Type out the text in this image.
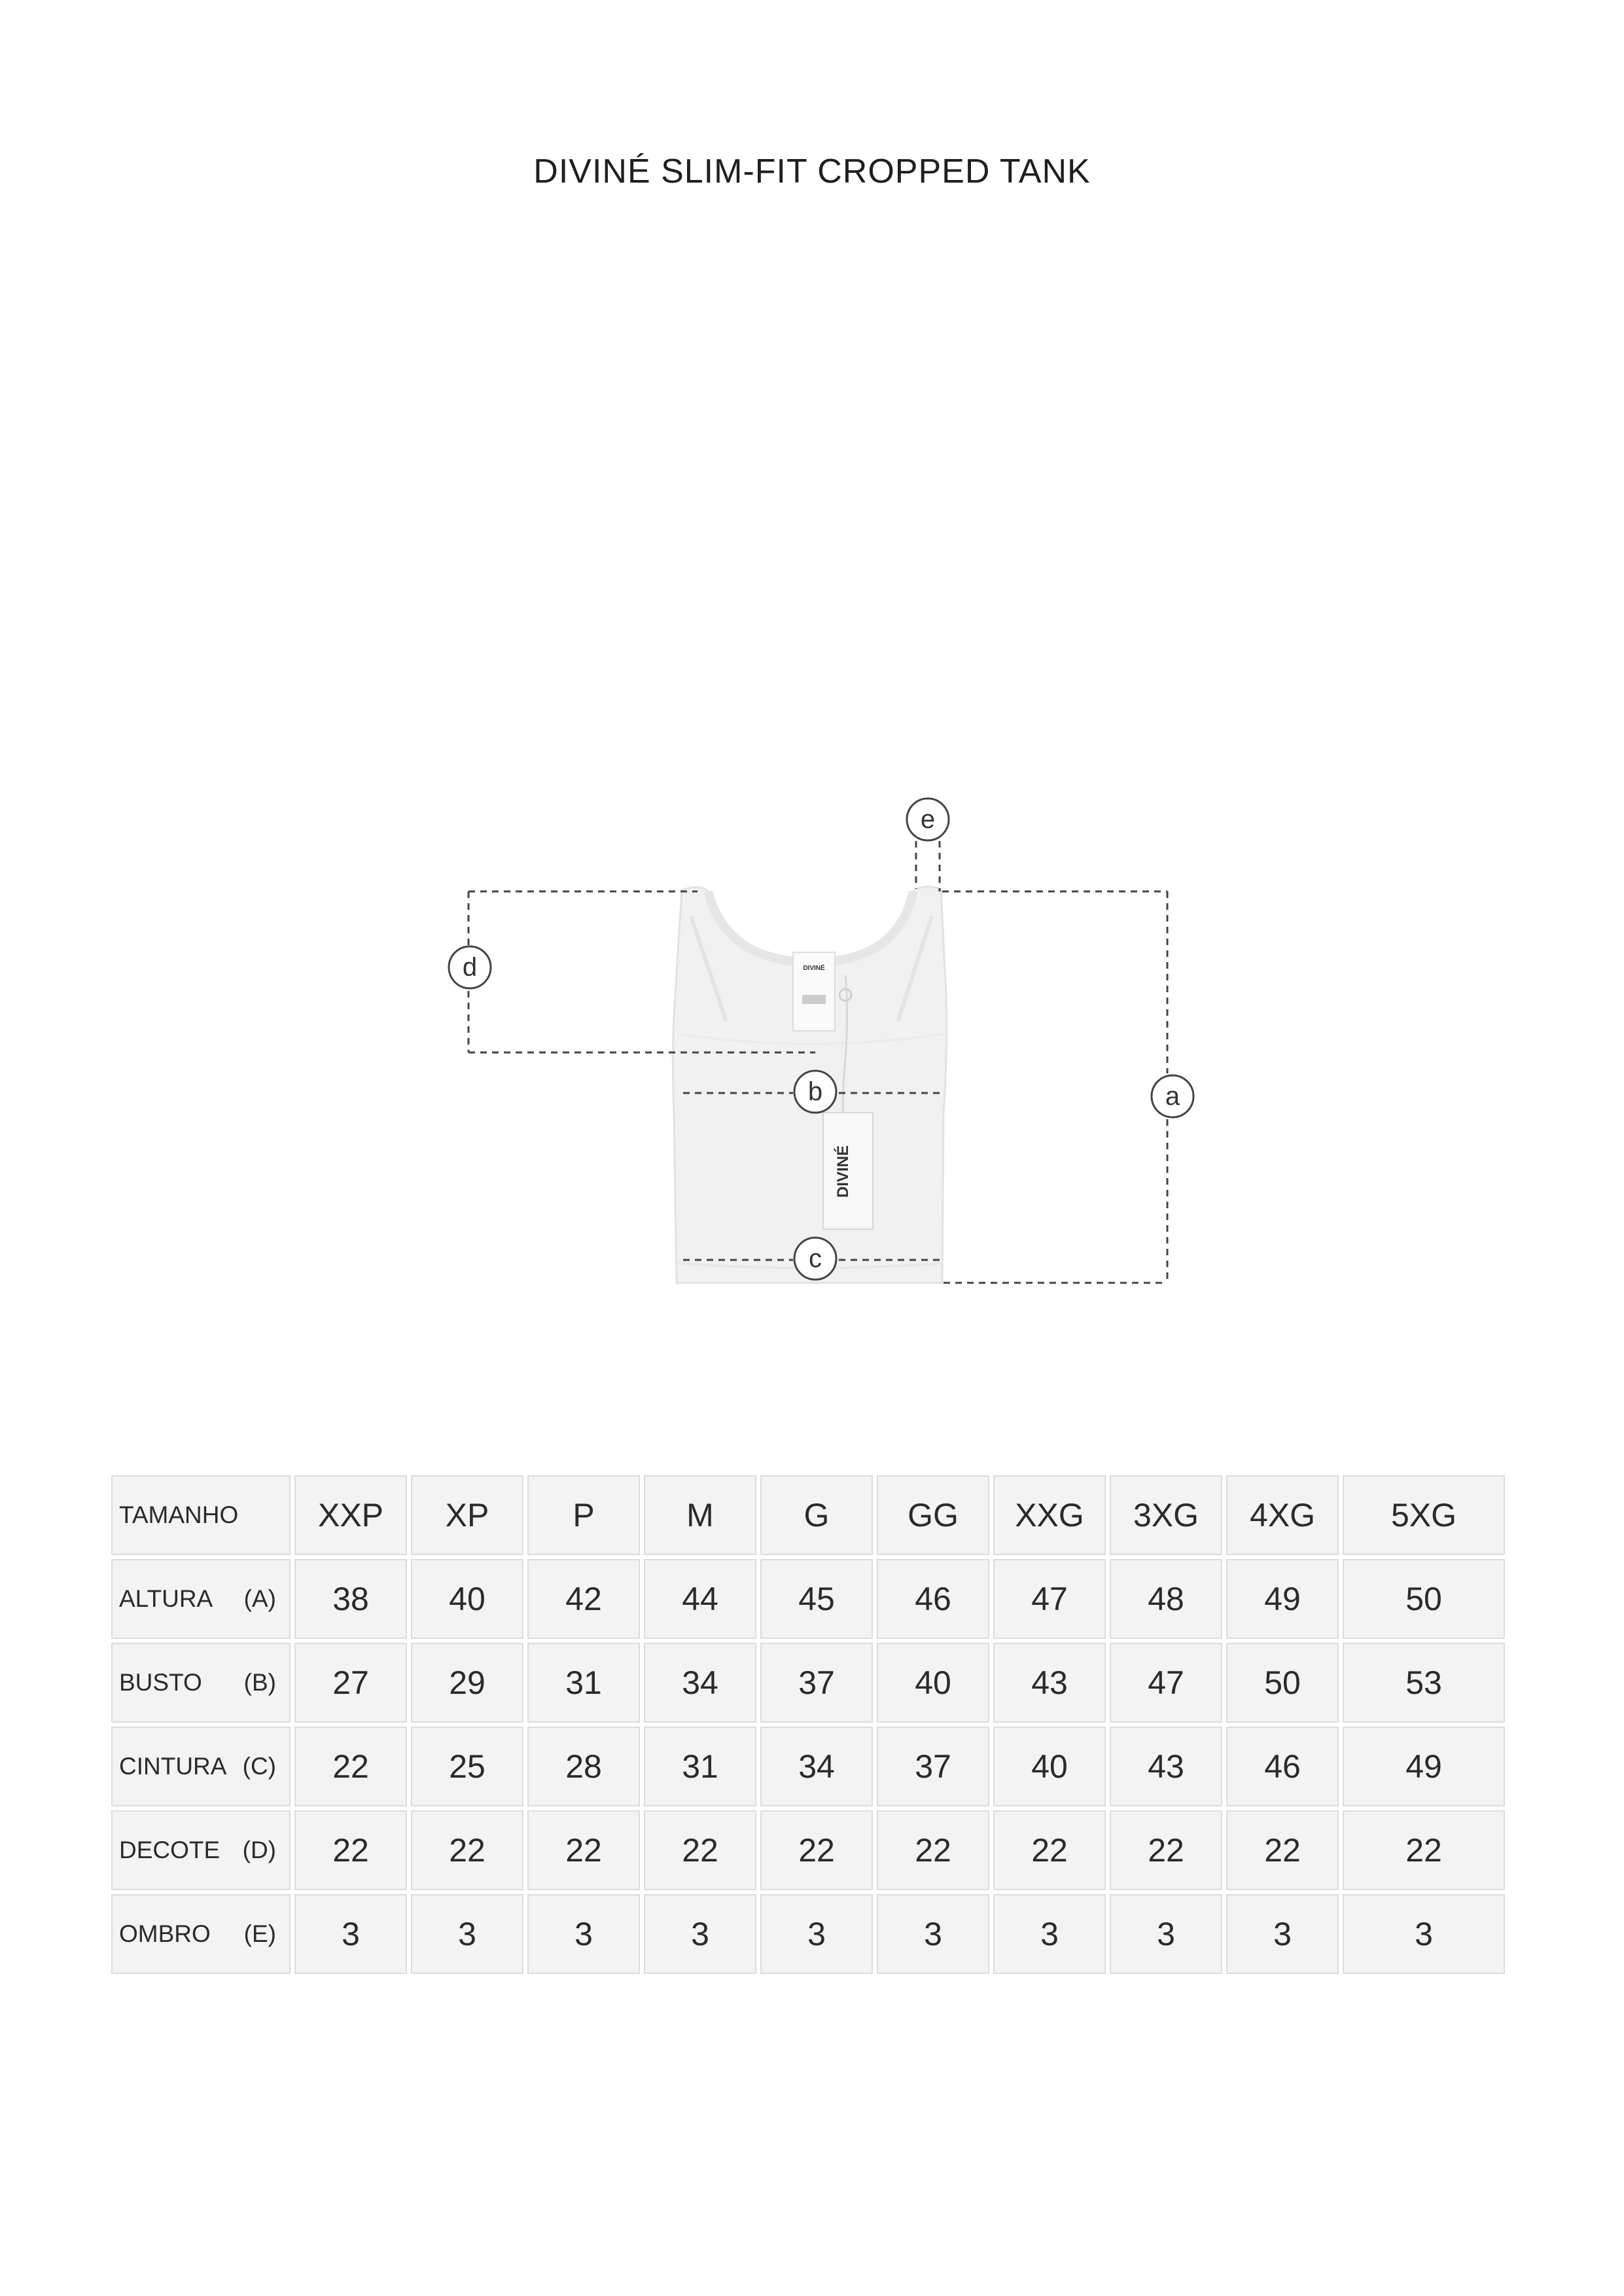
DIVINÉ SLIM-FIT CROPPED TANK
DIVINÉ
DIVINÉ
a
b
c
d
e
TAMANHO	XXP	XP	P	M	G	GG	XXG	3XG	4XG	5XG

ALTURA (A)	38	40	42	44	45	46	47	48	49	50

BUSTO (B)	27	29	31	34	37	40	43	47	50	53

CINTURA (C)	22	25	28	31	34	37	40	43	46	49

DECOTE (D)	22	22	22	22	22	22	22	22	22	22

OMBRO (E)	3	3	3	3	3	3	3	3	3	3
